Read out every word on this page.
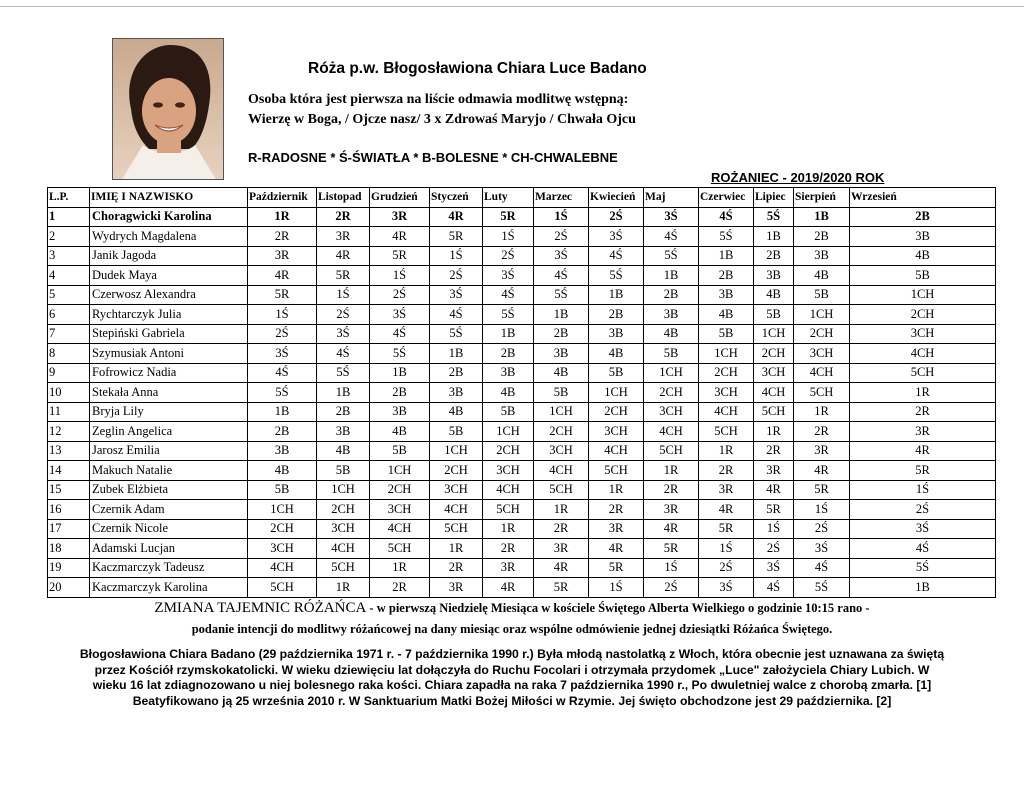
Róża p.w. Błogosławiona Chiara Luce Badano
Osoba która jest pierwsza na liście odmawia modlitwę wstępną:
Wierzę w Boga, / Ojcze nasz/ 3 x Zdrowaś Maryjo / Chwała Ojcu
R-RADOSNE * Ś-ŚWIATŁA * B-BOLESNE * CH-CHWALEBNE
ROŻANIEC - 2019/2020 ROK
L.P.	IMIĘ I NAZWISKO	Październik	Listopad	Grudzień	Styczeń	Luty	Marzec	Kwiecień	Maj	Czerwiec	Lipiec	Sierpień	Wrzesień
1	Choragwicki Karolina	1R	2R	3R	4R	5R	1Ś	2Ś	3Ś	4Ś	5Ś	1B	2B
2	Wydrych Magdalena	2R	3R	4R	5R	1Ś	2Ś	3Ś	4Ś	5Ś	1B	2B	3B
3	Janik Jagoda	3R	4R	5R	1Ś	2Ś	3Ś	4Ś	5Ś	1B	2B	3B	4B
4	Dudek Maya	4R	5R	1Ś	2Ś	3Ś	4Ś	5Ś	1B	2B	3B	4B	5B
5	Czerwosz Alexandra	5R	1Ś	2Ś	3Ś	4Ś	5Ś	1B	2B	3B	4B	5B	1CH
6	Rychtarczyk Julia	1Ś	2Ś	3Ś	4Ś	5Ś	1B	2B	3B	4B	5B	1CH	2CH
7	Stepiński Gabriela	2Ś	3Ś	4Ś	5Ś	1B	2B	3B	4B	5B	1CH	2CH	3CH
8	Szymusiak Antoni	3Ś	4Ś	5Ś	1B	2B	3B	4B	5B	1CH	2CH	3CH	4CH
9	Fofrowicz Nadia	4Ś	5Ś	1B	2B	3B	4B	5B	1CH	2CH	3CH	4CH	5CH
10	Stekała Anna	5Ś	1B	2B	3B	4B	5B	1CH	2CH	3CH	4CH	5CH	1R
11	Bryja Lily	1B	2B	3B	4B	5B	1CH	2CH	3CH	4CH	5CH	1R	2R
12	Zeglin Angelica	2B	3B	4B	5B	1CH	2CH	3CH	4CH	5CH	1R	2R	3R
13	Jarosz Emilia	3B	4B	5B	1CH	2CH	3CH	4CH	5CH	1R	2R	3R	4R
14	Makuch Natalie	4B	5B	1CH	2CH	3CH	4CH	5CH	1R	2R	3R	4R	5R
15	Zubek Elżbieta	5B	1CH	2CH	3CH	4CH	5CH	1R	2R	3R	4R	5R	1Ś
16	Czernik Adam	1CH	2CH	3CH	4CH	5CH	1R	2R	3R	4R	5R	1Ś	2Ś
17	Czernik Nicole	2CH	3CH	4CH	5CH	1R	2R	3R	4R	5R	1Ś	2Ś	3Ś
18	Adamski Lucjan	3CH	4CH	5CH	1R	2R	3R	4R	5R	1Ś	2Ś	3Ś	4Ś
19	Kaczmarczyk Tadeusz	4CH	5CH	1R	2R	3R	4R	5R	1Ś	2Ś	3Ś	4Ś	5Ś
20	Kaczmarczyk Karolina	5CH	1R	2R	3R	4R	5R	1Ś	2Ś	3Ś	4Ś	5Ś	1B
ZMIANA TAJEMNIC RÓŻAŃCA - w pierwszą Niedzielę Miesiąca w kościele Świętego Alberta Wielkiego o godzinie 10:15 rano -
podanie intencji do modlitwy różańcowej na dany miesiąc oraz wspólne odmówienie jednej dziesiątki Różańca Świętego.
Błogosławiona Chiara Badano (29 października 1971 r. - 7 października 1990 r.) Była młodą nastolatką z Włoch, która obecnie jest uznawana za świętą
przez Kościół rzymskokatolicki. W wieku dziewięciu lat dołączyła do Ruchu Focolari i otrzymała przydomek „Luce" założyciela Chiary Lubich. W
wieku 16 lat zdiagnozowano u niej bolesnego raka kości. Chiara zapadła na raka 7 października 1990 r., Po dwuletniej walce z chorobą zmarła. [1]
Beatyfikowano ją 25 września 2010 r. W Sanktuarium Matki Bożej Miłości w Rzymie. Jej święto obchodzone jest 29 października. [2]
